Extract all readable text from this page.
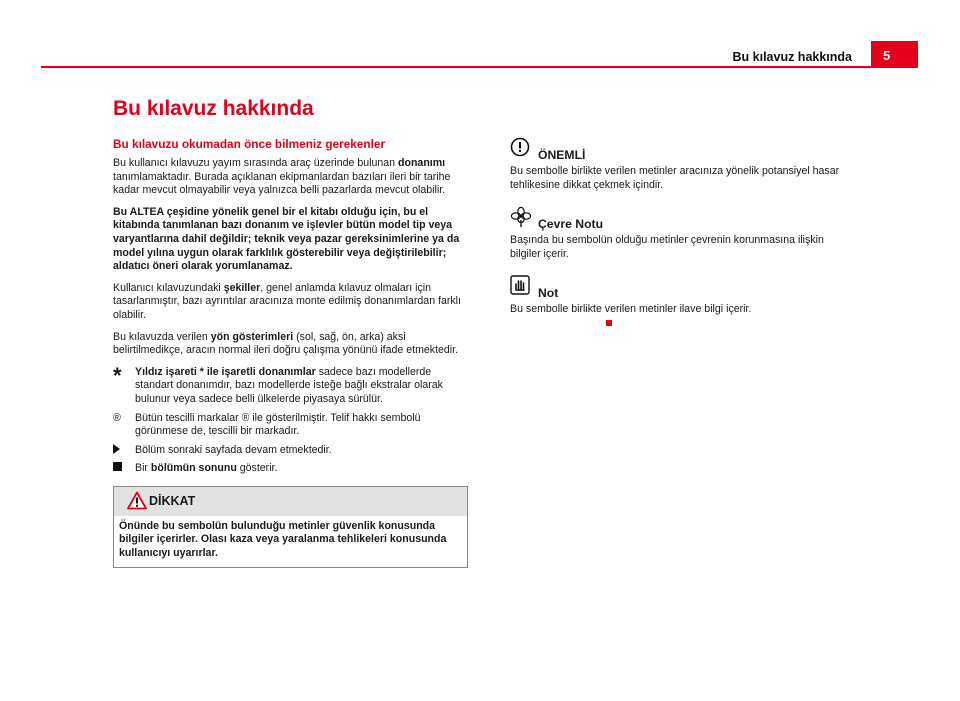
Bu kılavuz hakkında	5
Bu kılavuz hakkında
Bu kılavuzu okumadan önce bilmeniz gerekenler

Bu kullanıcı kılavuzu yayım sırasında araç üzerinde bulunan donanımı tanımlamaktadır. Burada açıklanan ekipmanlardan bazıları ileri bir tarihe kadar mevcut olmayabilir veya yalnızca belli pazarlarda mevcut olabilir.

Bu ALTEA çeşidine yönelik genel bir el kitabı olduğu için, bu el kitabında tanımlanan bazı donanım ve işlevler bütün model tip veya varyantlarına dahil değildir; teknik veya pazar gereksinimlerine ya da model yılına uygun olarak farklılık gösterebilir veya değiştirilebilir; aldatıcı öneri olarak yorumlanamaz.

Kullanıcı kılavuzundaki şekiller, genel anlamda kılavuz olmaları için tasarlanmıştır, bazı ayrıntılar aracınıza monte edilmiş donanımlardan farklı olabilir.

Bu kılavuzda verilen yön gösterimleri (sol, sağ, ön, arka) aksi belirtilmedikçe, aracın normal ileri doğru çalışma yönünü ifade etmektedir.

*	Yıldız işareti * ile işaretli donanımlar sadece bazı modellerde standart donanımdır, bazı modellerde isteğe bağlı ekstralar olarak bulunur veya sadece belli ülkelerde piyasaya sürülür.
®	Bütün tescilli markalar ® ile gösterilmiştir. Telif hakkı sembolü görünmese de, tescilli bir markadır.
Bölüm sonraki sayfada devam etmektedir.
Bir bölümün sonunu gösterir.
DİKKAT
Önünde bu sembolün bulunduğu metinler güvenlik konusunda bilgiler içerirler. Olası kaza veya yaralanma tehlikeleri konusunda kullanıcıyı uyarırlar.
ÖNEMLİ
Bu sembolle birlikte verilen metinler aracınıza yönelik potansiyel hasar tehlikesine dikkat çekmek içindir.
Çevre Notu
Başında bu sembolün olduğu metinler çevrenin korunmasına ilişkin bilgiler içerir.
Not
Bu sembolle birlikte verilen metinler ilave bilgi içerir.
